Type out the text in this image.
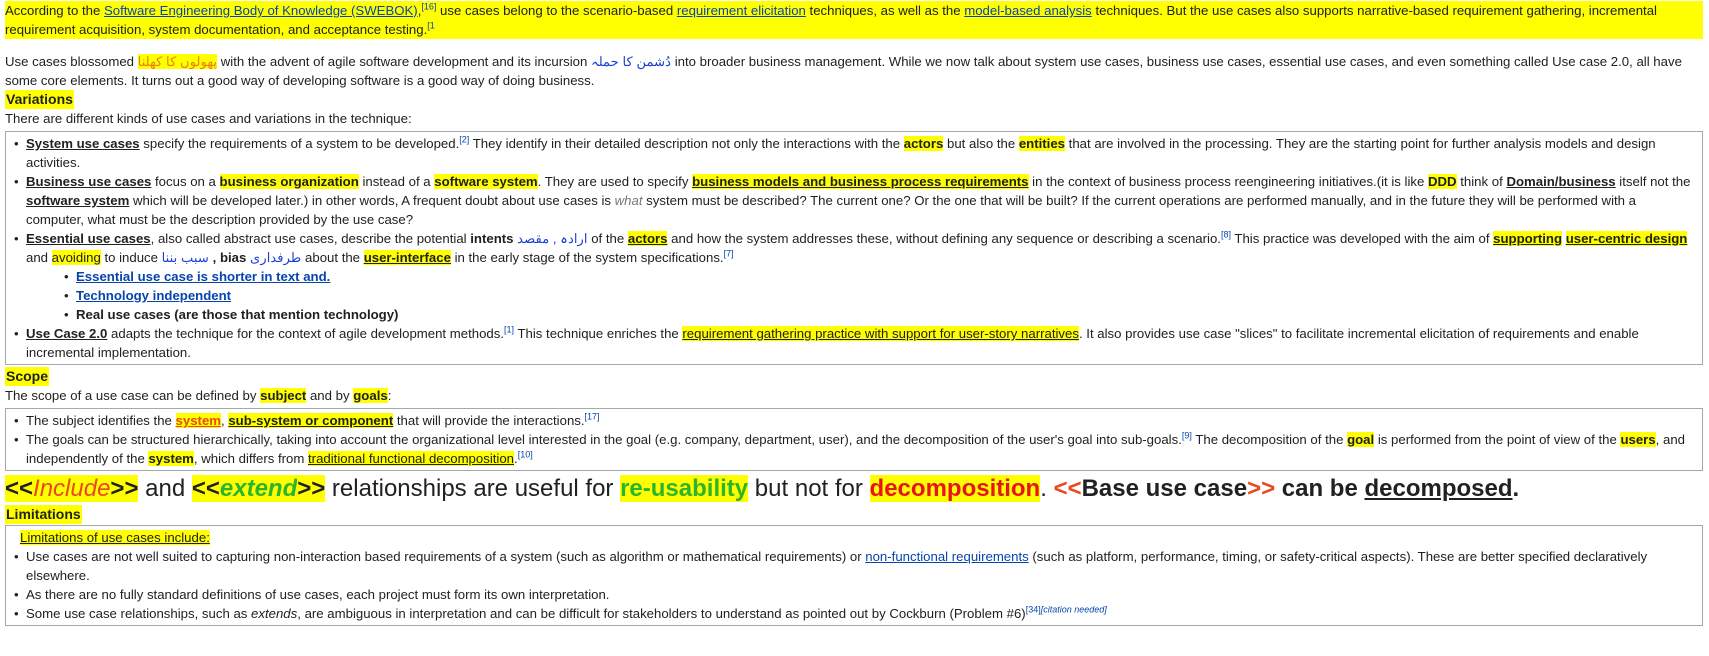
According to the Software Engineering Body of Knowledge (SWEBOK),[16] use cases belong to the scenario-based requirement elicitation techniques, as well as the model-based analysis techniques. But the use cases also supports narrative-based requirement gathering, incremental requirement acquisition, system documentation, and acceptance testing.$^{[1}$

Use cases blossomed پھولوں کا کھلنا with the advent of agile software development and its incursion دُشمن کا حملہ into broader business management. While we now talk about system use cases, business use cases, essential use cases, and even something called Use case 2.0, all have some core elements. It turns out a good way of developing software is a good way of doing business.

Variations

There are different kinds of use cases and variations in the technique:

• System use cases specify the requirements of a system to be developed.[2] They identify in their detailed description not only the interactions with the actors but also the entities that are involved in the processing. They are the starting point for further analysis models and design activities.
• Business use cases focus on a business organization instead of a software system. They are used to specify business models and business process requirements in the context of business process reengineering initiatives.(it is like DDD think of Domain/business itself not the software system which will be developed later.) in other words, A frequent doubt about use cases is what system must be described? The current one? Or the one that will be built? If the current operations are performed manually, and in the future they will be performed with a computer, what must be the description provided by the use case?
• Essential use cases, also called abstract use cases, describe the potential intents ارادہ , مقصد of the actors and how the system addresses these, without defining any sequence or describing a scenario.[8] This practice was developed with the aim of supporting user-centric design and avoiding to induce سبب بننا , bias طرفداری about the user-interface in the early stage of the system specifications.[7]
• Essential use case is shorter in text and.
• Technology independent
• Real use cases (are those that mention technology)
• Use Case 2.0 adapts the technique for the context of agile development methods.[1] This technique enriches the requirement gathering practice with support for user-story narratives. It also provides use case "slices" to facilitate incremental elicitation of requirements and enable incremental implementation.
Scope

The scope of a use case can be defined by subject and by goals:

• The subject identifies the system, sub-system or component that will provide the interactions.[17]
• The goals can be structured hierarchically, taking into account the organizational level interested in the goal (e.g. company, department, user), and the decomposition of the user's goal into sub-goals.[9] The decomposition of the goal is performed from the point of view of the users, and independently of the system, which differs from traditional functional decomposition.[10]

<<Include>> and <<extend>> relationships are useful for re-usability but not for decomposition. <<Base use case>> can be decomposed.

Limitations

Limitations of use cases include:

• Use cases are not well suited to capturing non-interaction based requirements of a system (such as algorithm or mathematical requirements) or non-functional requirements (such as platform, performance, timing, or safety-critical aspects). These are better specified declaratively elsewhere.
• As there are no fully standard definitions of use cases, each project must form its own interpretation.
• Some use case relationships, such as extends, are ambiguous in interpretation and can be difficult for stakeholders to understand as pointed out by Cockburn (Problem #6)[34][citation needed]
